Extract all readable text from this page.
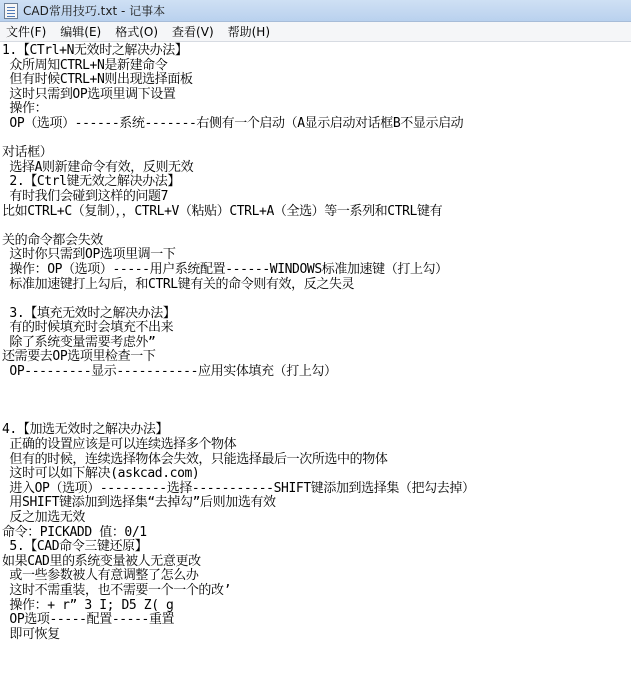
CAD常用技巧.txt - 记事本
文件(F)	编辑(E)	格式(O)	查看(V)	帮助(H)
1.【CTrl+N无效时之解决办法】
众所周知CTRL+N是新建命令
但有时候CTRL+N则出现选择面板
这时只需到OP选项里调下设置
操作：
OP（选项）------系统-------右侧有一个启动（A显示启动对话框B不显示启动
对话框）
选择A则新建命令有效，反则无效
2.【Ctrl键无效之解决办法】
有时我们会碰到这样的问题7
比如CTRL+C（复制），，CTRL+V（粘贴）CTRL+A（全选）等一系列和CTRL键有
关的命令都会失效
这时你只需到OP选项里调一下
操作：OP（选项）-----用户系统配置------WINDOWS标准加速键（打上勾）
标准加速键打上勾后，和CTRL键有关的命令则有效，反之失灵
3.【填充无效时之解决办法】
有的时候填充时会填充不出来
除了系统变量需要考虑外”
还需要去OP选项里检查一下
OP---------显示-----------应用实体填充（打上勾）
4.【加选无效时之解决办法】
正确的设置应该是可以连续选择多个物体
但有的时候，连续选择物体会失效，只能选择最后一次所选中的物体
这时可以如下解决(askcad.com)
进入OP（选项）---------选择-----------SHIFT键添加到选择集（把勾去掉）
用SHIFT键添加到选择集“去掉勾”后则加选有效
反之加选无效
命令：PICKADD 值：0/1
5.【CAD命令三键还原】
如果CAD里的系统变量被人无意更改
或一些参数被人有意调整了怎么办
这时不需重装，也不需要一个一个的改’
操作：+ r” 3 I; D5 Z( g
OP选项-----配置-----重置
即可恢复
